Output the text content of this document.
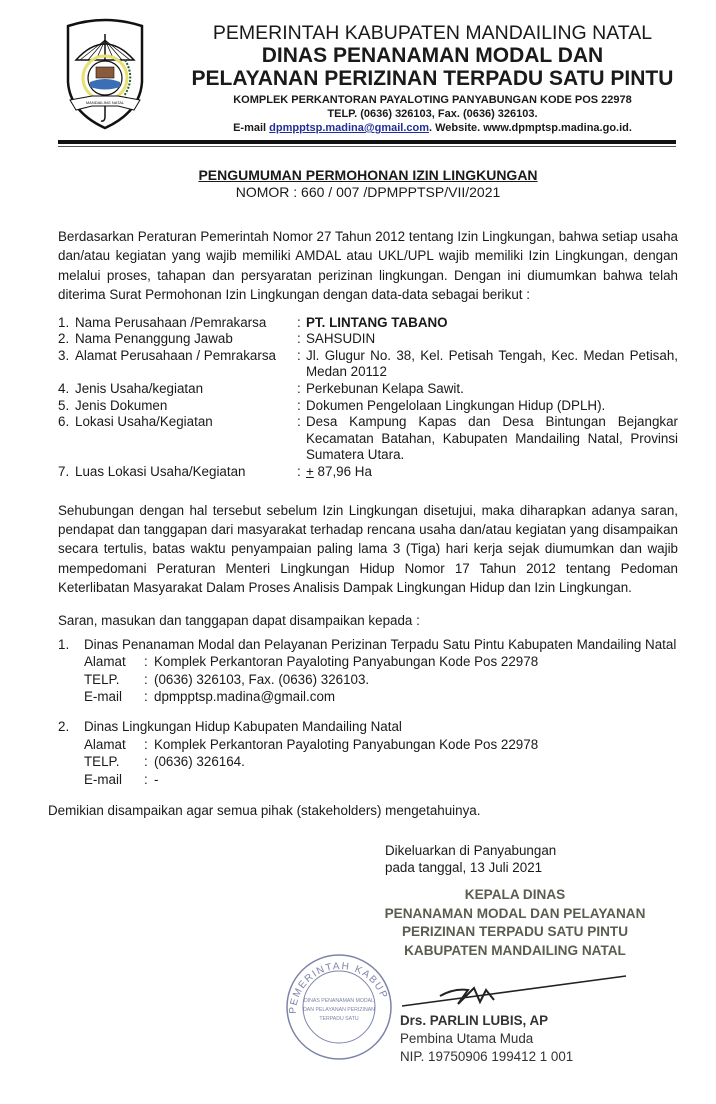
MANDAILING NATAL
PEMERINTAH KABUPATEN MANDAILING NATAL
DINAS PENANAMAN MODAL DAN
PELAYANAN PERIZINAN TERPADU SATU PINTU
KOMPLEK PERKANTORAN PAYALOTING PANYABUNGAN KODE POS 22978
TELP. (0636) 326103, Fax. (0636) 326103.
E-mail dpmpptsp.madina@gmail.com. Website. www.dpmptsp.madina.go.id.
PENGUMUMAN PERMOHONAN IZIN LINGKUNGAN
NOMOR : 660 / 007 /DPMPPTSP/VII/2021
Berdasarkan Peraturan Pemerintah Nomor 27 Tahun 2012 tentang Izin Lingkungan, bahwa setiap usaha dan/atau kegiatan yang wajib memiliki AMDAL atau UKL/UPL wajib memiliki Izin Lingkungan, dengan melalui proses, tahapan dan persyaratan perizinan lingkungan. Dengan ini diumumkan bahwa telah diterima Surat Permohonan Izin Lingkungan dengan data-data sebagai berikut :
1. Nama Perusahaan /Pemrakarsa	: PT. LINTANG TABANO
2. Nama Penanggung Jawab	: SAHSUDIN
3. Alamat Perusahaan / Pemrakarsa	: Jl. Glugur No. 38, Kel. Petisah Tengah, Kec. Medan Petisah, Medan 20112
4. Jenis Usaha/kegiatan	: Perkebunan Kelapa Sawit.
5. Jenis Dokumen	: Dokumen Pengelolaan Lingkungan Hidup (DPLH).
6. Lokasi Usaha/Kegiatan	: Desa Kampung Kapas dan Desa Bintungan Bejangkar Kecamatan Batahan, Kabupaten Mandailing Natal, Provinsi Sumatera Utara.
7. Luas Lokasi Usaha/Kegiatan	: + 87,96 Ha
Sehubungan dengan hal tersebut sebelum Izin Lingkungan disetujui, maka diharapkan adanya saran, pendapat dan tanggapan dari masyarakat terhadap rencana usaha dan/atau kegiatan yang disampaikan secara tertulis, batas waktu penyampaian paling lama 3 (Tiga) hari kerja sejak diumumkan dan wajib mempedomani Peraturan Menteri Lingkungan Hidup Nomor 17 Tahun 2012 tentang Pedoman Keterlibatan Masyarakat Dalam Proses Analisis Dampak Lingkungan Hidup dan Izin Lingkungan.
Saran, masukan dan tanggapan dapat disampaikan kepada :
1.	Dinas Penanaman Modal dan Pelayanan Perizinan Terpadu Satu Pintu Kabupaten Mandailing Natal
Alamat	: Komplek Perkantoran Payaloting Panyabungan Kode Pos 22978
TELP.	: (0636) 326103, Fax. (0636) 326103.
E-mail	: dpmpptsp.madina@gmail.com
2.	Dinas Lingkungan Hidup Kabupaten Mandailing Natal
Alamat	: Komplek Perkantoran Payaloting Panyabungan Kode Pos 22978
TELP.	: (0636) 326164.
E-mail	: -
Demikian disampaikan agar semua pihak (stakeholders) mengetahuinya.
Dikeluarkan di Panyabungan
pada tanggal, 13 Juli 2021
KEPALA DINAS
PENANAMAN MODAL DAN PELAYANAN
PERIZINAN TERPADU SATU PINTU
KABUPATEN MANDAILING NATAL
PEMERINTAH KABUP
DINAS PENANAMAN MODAL
DAN PELAYANAN PERIZINAN
TERPADU SATU	Drs. PARLIN LUBIS, AP
Pembina Utama Muda
NIP. 19750906 199412 1 001
